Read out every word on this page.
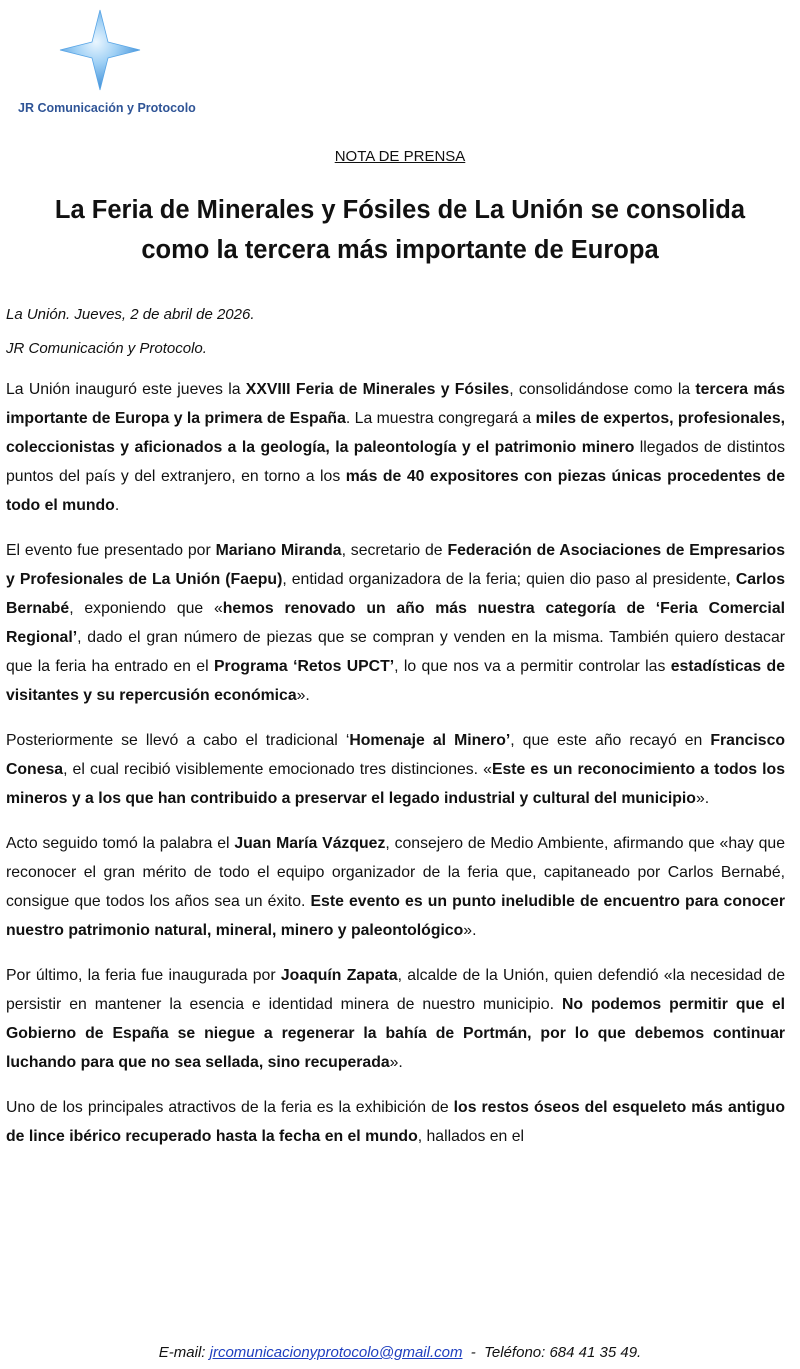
JR Comunicación y Protocolo
NOTA DE PRENSA
La Feria de Minerales y Fósiles de La Unión se consolida
como la tercera más importante de Europa
La Unión. Jueves, 2 de abril de 2026.
JR Comunicación y Protocolo.

La Unión inauguró este jueves la XXVIII Feria de Minerales y Fósiles, consolidándose como la tercera más importante de Europa y la primera de España. La muestra congregará a miles de expertos, profesionales, coleccionistas y aficionados a la geología, la paleontología y el patrimonio minero llegados de distintos puntos del país y del extranjero, en torno a los más de 40 expositores con piezas únicas procedentes de todo el mundo.

El evento fue presentado por Mariano Miranda, secretario de Federación de Asociaciones de Empresarios y Profesionales de La Unión (Faepu), entidad organizadora de la feria; quien dio paso al presidente, Carlos Bernabé, exponiendo que «hemos renovado un año más nuestra categoría de ‘Feria Comercial Regional’, dado el gran número de piezas que se compran y venden en la misma. También quiero destacar que la feria ha entrado en el Programa ‘Retos UPCT’, lo que nos va a permitir controlar las estadísticas de visitantes y su repercusión económica».

Posteriormente se llevó a cabo el tradicional ‘Homenaje al Minero’, que este año recayó en Francisco Conesa, el cual recibió visiblemente emocionado tres distinciones. «Este es un reconocimiento a todos los mineros y a los que han contribuido a preservar el legado industrial y cultural del municipio».

Acto seguido tomó la palabra el Juan María Vázquez, consejero de Medio Ambiente, afirmando que «hay que reconocer el gran mérito de todo el equipo organizador de la feria que, capitaneado por Carlos Bernabé, consigue que todos los años sea un éxito. Este evento es un punto ineludible de encuentro para conocer nuestro patrimonio natural, mineral, minero y paleontológico».

Por último, la feria fue inaugurada por Joaquín Zapata, alcalde de la Unión, quien defendió «la necesidad de persistir en mantener la esencia e identidad minera de nuestro municipio. No podemos permitir que el Gobierno de España se niegue a regenerar la bahía de Portmán, por lo que debemos continuar luchando para que no sea sellada, sino recuperada».

Uno de los principales atractivos de la feria es la exhibición de los restos óseos del esqueleto más antiguo de lince ibérico recuperado hasta la fecha en el mundo, hallados en el

E-mail: jrcomunicacionyprotocolo@gmail.com  -  Teléfono: 684 41 35 49.
